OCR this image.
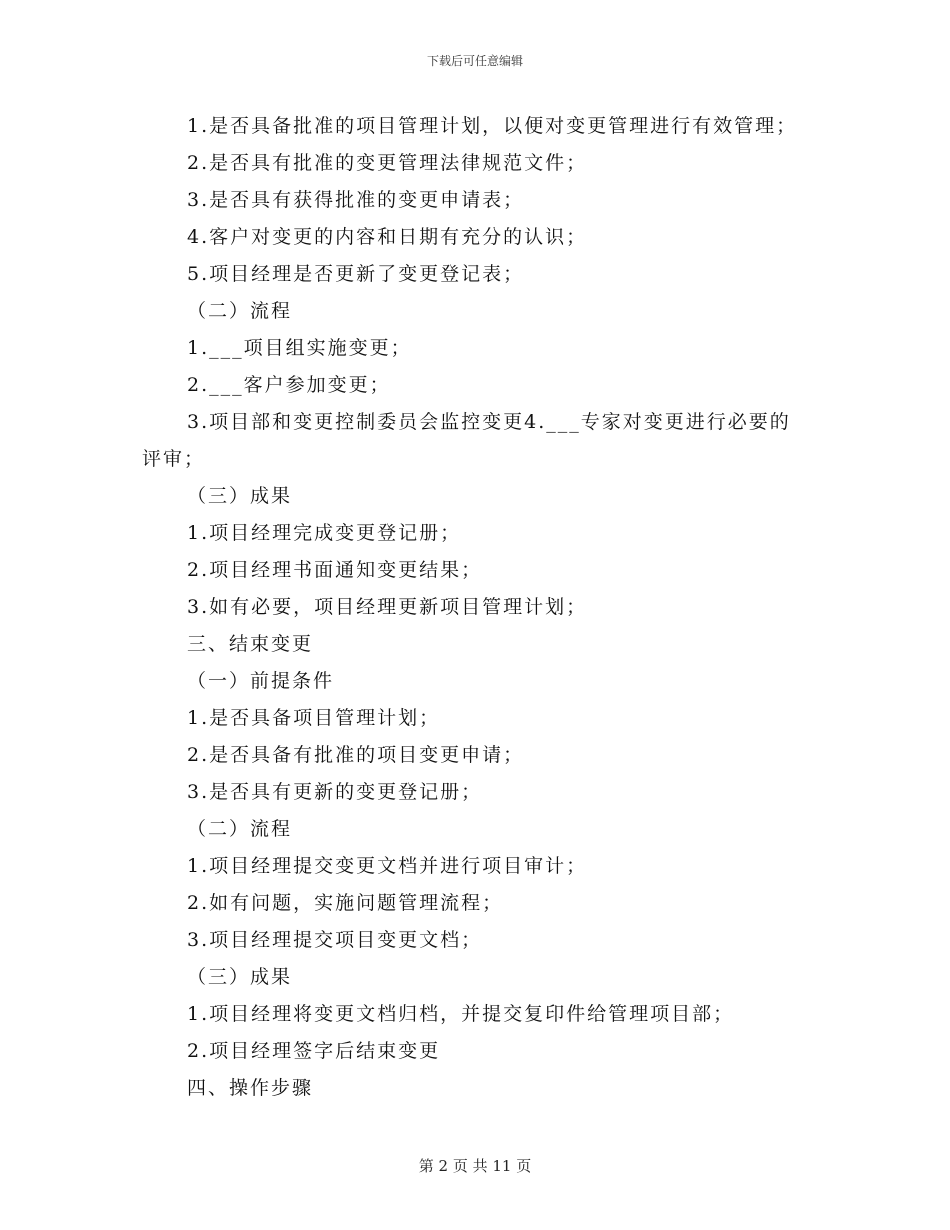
下载后可任意编辑
1.是否具备批准的项目管理计划，以便对变更管理进行有效管理；
2.是否具有批准的变更管理法律规范文件；
3.是否具有获得批准的变更申请表；
4.客户对变更的内容和日期有充分的认识；
5.项目经理是否更新了变更登记表；
（二）流程
1.___项目组实施变更；
2.___客户参加变更；
3.项目部和变更控制委员会监控变更4.___专家对变更进行必要的
评审；
（三）成果
1.项目经理完成变更登记册；
2.项目经理书面通知变更结果；
3.如有必要，项目经理更新项目管理计划；
三、结束变更
（一）前提条件
1.是否具备项目管理计划；
2.是否具备有批准的项目变更申请；
3.是否具有更新的变更登记册；
（二）流程
1.项目经理提交变更文档并进行项目审计；
2.如有问题，实施问题管理流程；
3.项目经理提交项目变更文档；
（三）成果
1.项目经理将变更文档归档，并提交复印件给管理项目部；
2.项目经理签字后结束变更
四、操作步骤
第 2 页 共 11 页
